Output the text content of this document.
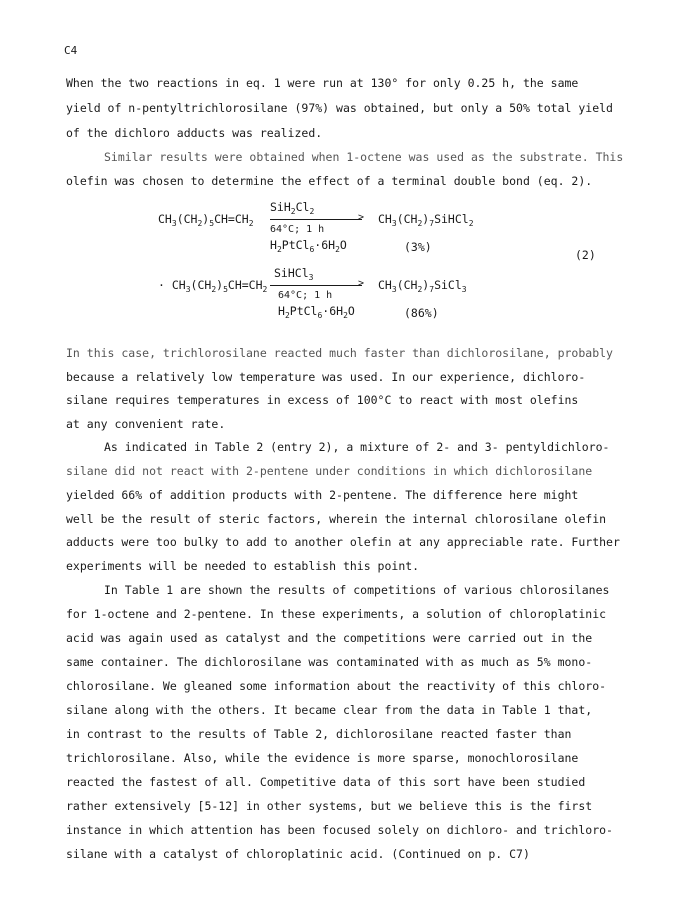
C4
When the two reactions in eq. 1 were run at 130° for only 0.25 h, the same
yield of n-pentyltrichlorosilane (97%) was obtained, but only a 50% total yield
of the dichloro adducts was realized.
Similar results were obtained when 1-octene was used as the substrate. This
olefin was chosen to determine the effect of a terminal double bond (eq. 2).
$CH_3(CH_2)_5CH=CH_2$
$SiH_2Cl_2$
>
64°C; 1 h
$H_2PtCl_6\cdot 6H_2O$
$CH_3(CH_2)_7SiHCl_2$
(3%)
(2)
· $CH_3(CH_2)_5CH=CH_2$
SiHCl$_3$
>
64°C; 1 h
$H_2PtCl_6\cdot 6H_2O$
$CH_3(CH_2)_7SiCl_3$
(86%)
In this case, trichlorosilane reacted much faster than dichlorosilane, probably
because a relatively low temperature was used. In our experience, dichloro-
silane requires temperatures in excess of 100°C to react with most olefins
at any convenient rate.
As indicated in Table 2 (entry 2), a mixture of 2- and 3- pentyldichloro-
silane did not react with 2-pentene under conditions in which dichlorosilane
yielded 66% of addition products with 2-pentene. The difference here might
well be the result of steric factors, wherein the internal chlorosilane olefin
adducts were too bulky to add to another olefin at any appreciable rate. Further
experiments will be needed to establish this point.
In Table 1 are shown the results of competitions of various chlorosilanes
for 1-octene and 2-pentene. In these experiments, a solution of chloroplatinic
acid was again used as catalyst and the competitions were carried out in the
same container. The dichlorosilane was contaminated with as much as 5% mono-
chlorosilane. We gleaned some information about the reactivity of this chloro-
silane along with the others. It became clear from the data in Table 1 that,
in contrast to the results of Table 2, dichlorosilane reacted faster than
trichlorosilane. Also, while the evidence is more sparse, monochlorosilane
reacted the fastest of all. Competitive data of this sort have been studied
rather extensively [5-12] in other systems, but we believe this is the first
instance in which attention has been focused solely on dichloro- and trichloro-
silane with a catalyst of chloroplatinic acid. (Continued on p. C7)
